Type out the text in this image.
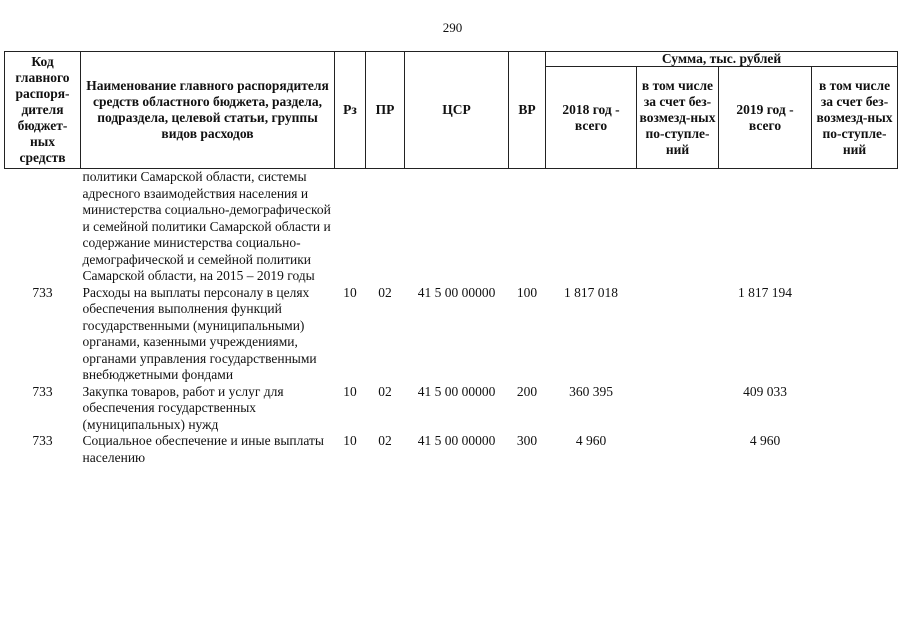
290
Код главного распоря-дителя бюджет-ных средств	Наименование главного распорядителя средств областного бюджета, раздела, подраздела, целевой статьи, группы видов расходов	Рз	ПР	ЦСР	ВР	Сумма, тыс. рублей			
						2018 год - всего	в том числе за счет без-возмезд-ных по-ступле-ний	2019 год - всего	в том числе за счет без-возмезд-ных по-ступле-ний
	политики Самарской области, системы адресного взаимодействия населения и министерства социально-демографической и семейной политики Самарской области и содержание министерства социально-демографической и семейной политики Самарской области, на 2015 – 2019 годы								
733	Расходы на выплаты персоналу в целях обеспечения выполнения функций государственными (муниципальными) органами, казенными учреждениями, органами управления государственными внебюджетными фондами	10	02	41 5 00 00000	100	1 817 018		1 817 194	
733	Закупка товаров, работ и услуг для обеспечения государственных (муниципальных) нужд	10	02	41 5 00 00000	200	360 395		409 033	
733	Социальное обеспечение и иные выплаты населению	10	02	41 5 00 00000	300	4 960		4 960	
